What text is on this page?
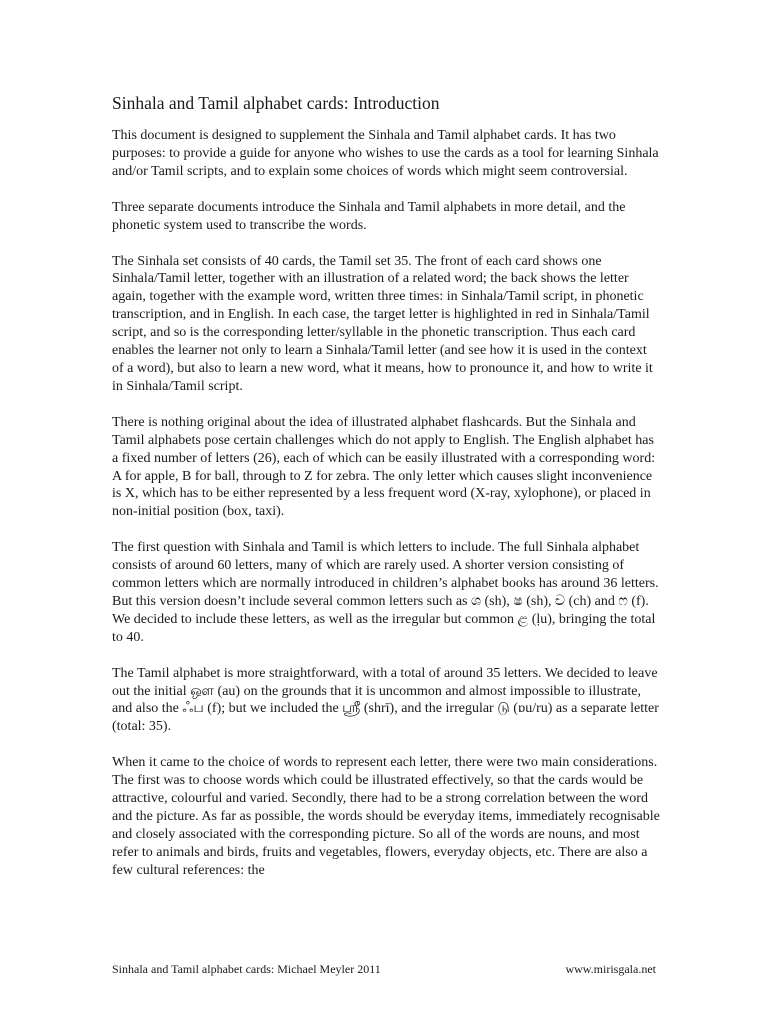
Sinhala and Tamil alphabet cards: Introduction

This document is designed to supplement the Sinhala and Tamil alphabet cards. It has two purposes: to provide a guide for anyone who wishes to use the cards as a tool for learning Sinhala and/or Tamil scripts, and to explain some choices of words which might seem controversial.

Three separate documents introduce the Sinhala and Tamil alphabets in more detail, and the phonetic system used to transcribe the words.

The Sinhala set consists of 40 cards, the Tamil set 35. The front of each card shows one Sinhala/Tamil letter, together with an illustration of a related word; the back shows the letter again, together with the example word, written three times: in Sinhala/Tamil script, in phonetic transcription, and in English. In each case, the target letter is highlighted in red in Sinhala/Tamil script, and so is the corresponding letter/syllable in the phonetic transcription. Thus each card enables the learner not only to learn a Sinhala/Tamil letter (and see how it is used in the context of a word), but also to learn a new word, what it means, how to pronounce it, and how to write it in Sinhala/Tamil script.

There is nothing original about the idea of illustrated alphabet flashcards. But the Sinhala and Tamil alphabets pose certain challenges which do not apply to English. The English alphabet has a fixed number of letters (26), each of which can be easily illustrated with a corresponding word: A for apple, B for ball, through to Z for zebra. The only letter which causes slight inconvenience is X, which has to be either represented by a less frequent word (X-ray, xylophone), or placed in non-initial position (box, taxi).

The first question with Sinhala and Tamil is which letters to include. The full Sinhala alphabet consists of around 60 letters, many of which are rarely used. A shorter version consisting of common letters which are normally introduced in children’s alphabet books has around 36 letters. But this version doesn’t include several common letters such as ශ (sh), ෂ (sh), ච (ch) and ෆ (f). We decided to include these letters, as well as the irregular but common ළ (ḷu), bringing the total to 40.

The Tamil alphabet is more straightforward, with a total of around 35 letters. We decided to leave out the initial ஔ (au) on the grounds that it is uncommon and almost impossible to illustrate, and also the ஃப (f); but we included the ஸ்ரீ (shrī), and the irregular டு (ɒu/ru) as a separate letter (total: 35).

When it came to the choice of words to represent each letter, there were two main considerations. The first was to choose words which could be illustrated effectively, so that the cards would be attractive, colourful and varied. Secondly, there had to be a strong correlation between the word and the picture. As far as possible, the words should be everyday items, immediately recognisable and closely associated with the corresponding picture. So all of the words are nouns, and most refer to animals and birds, fruits and vegetables, flowers, everyday objects, etc. There are also a few cultural references: the

Sinhala and Tamil alphabet cards: Michael Meyler 2011	www.mirisgala.net
